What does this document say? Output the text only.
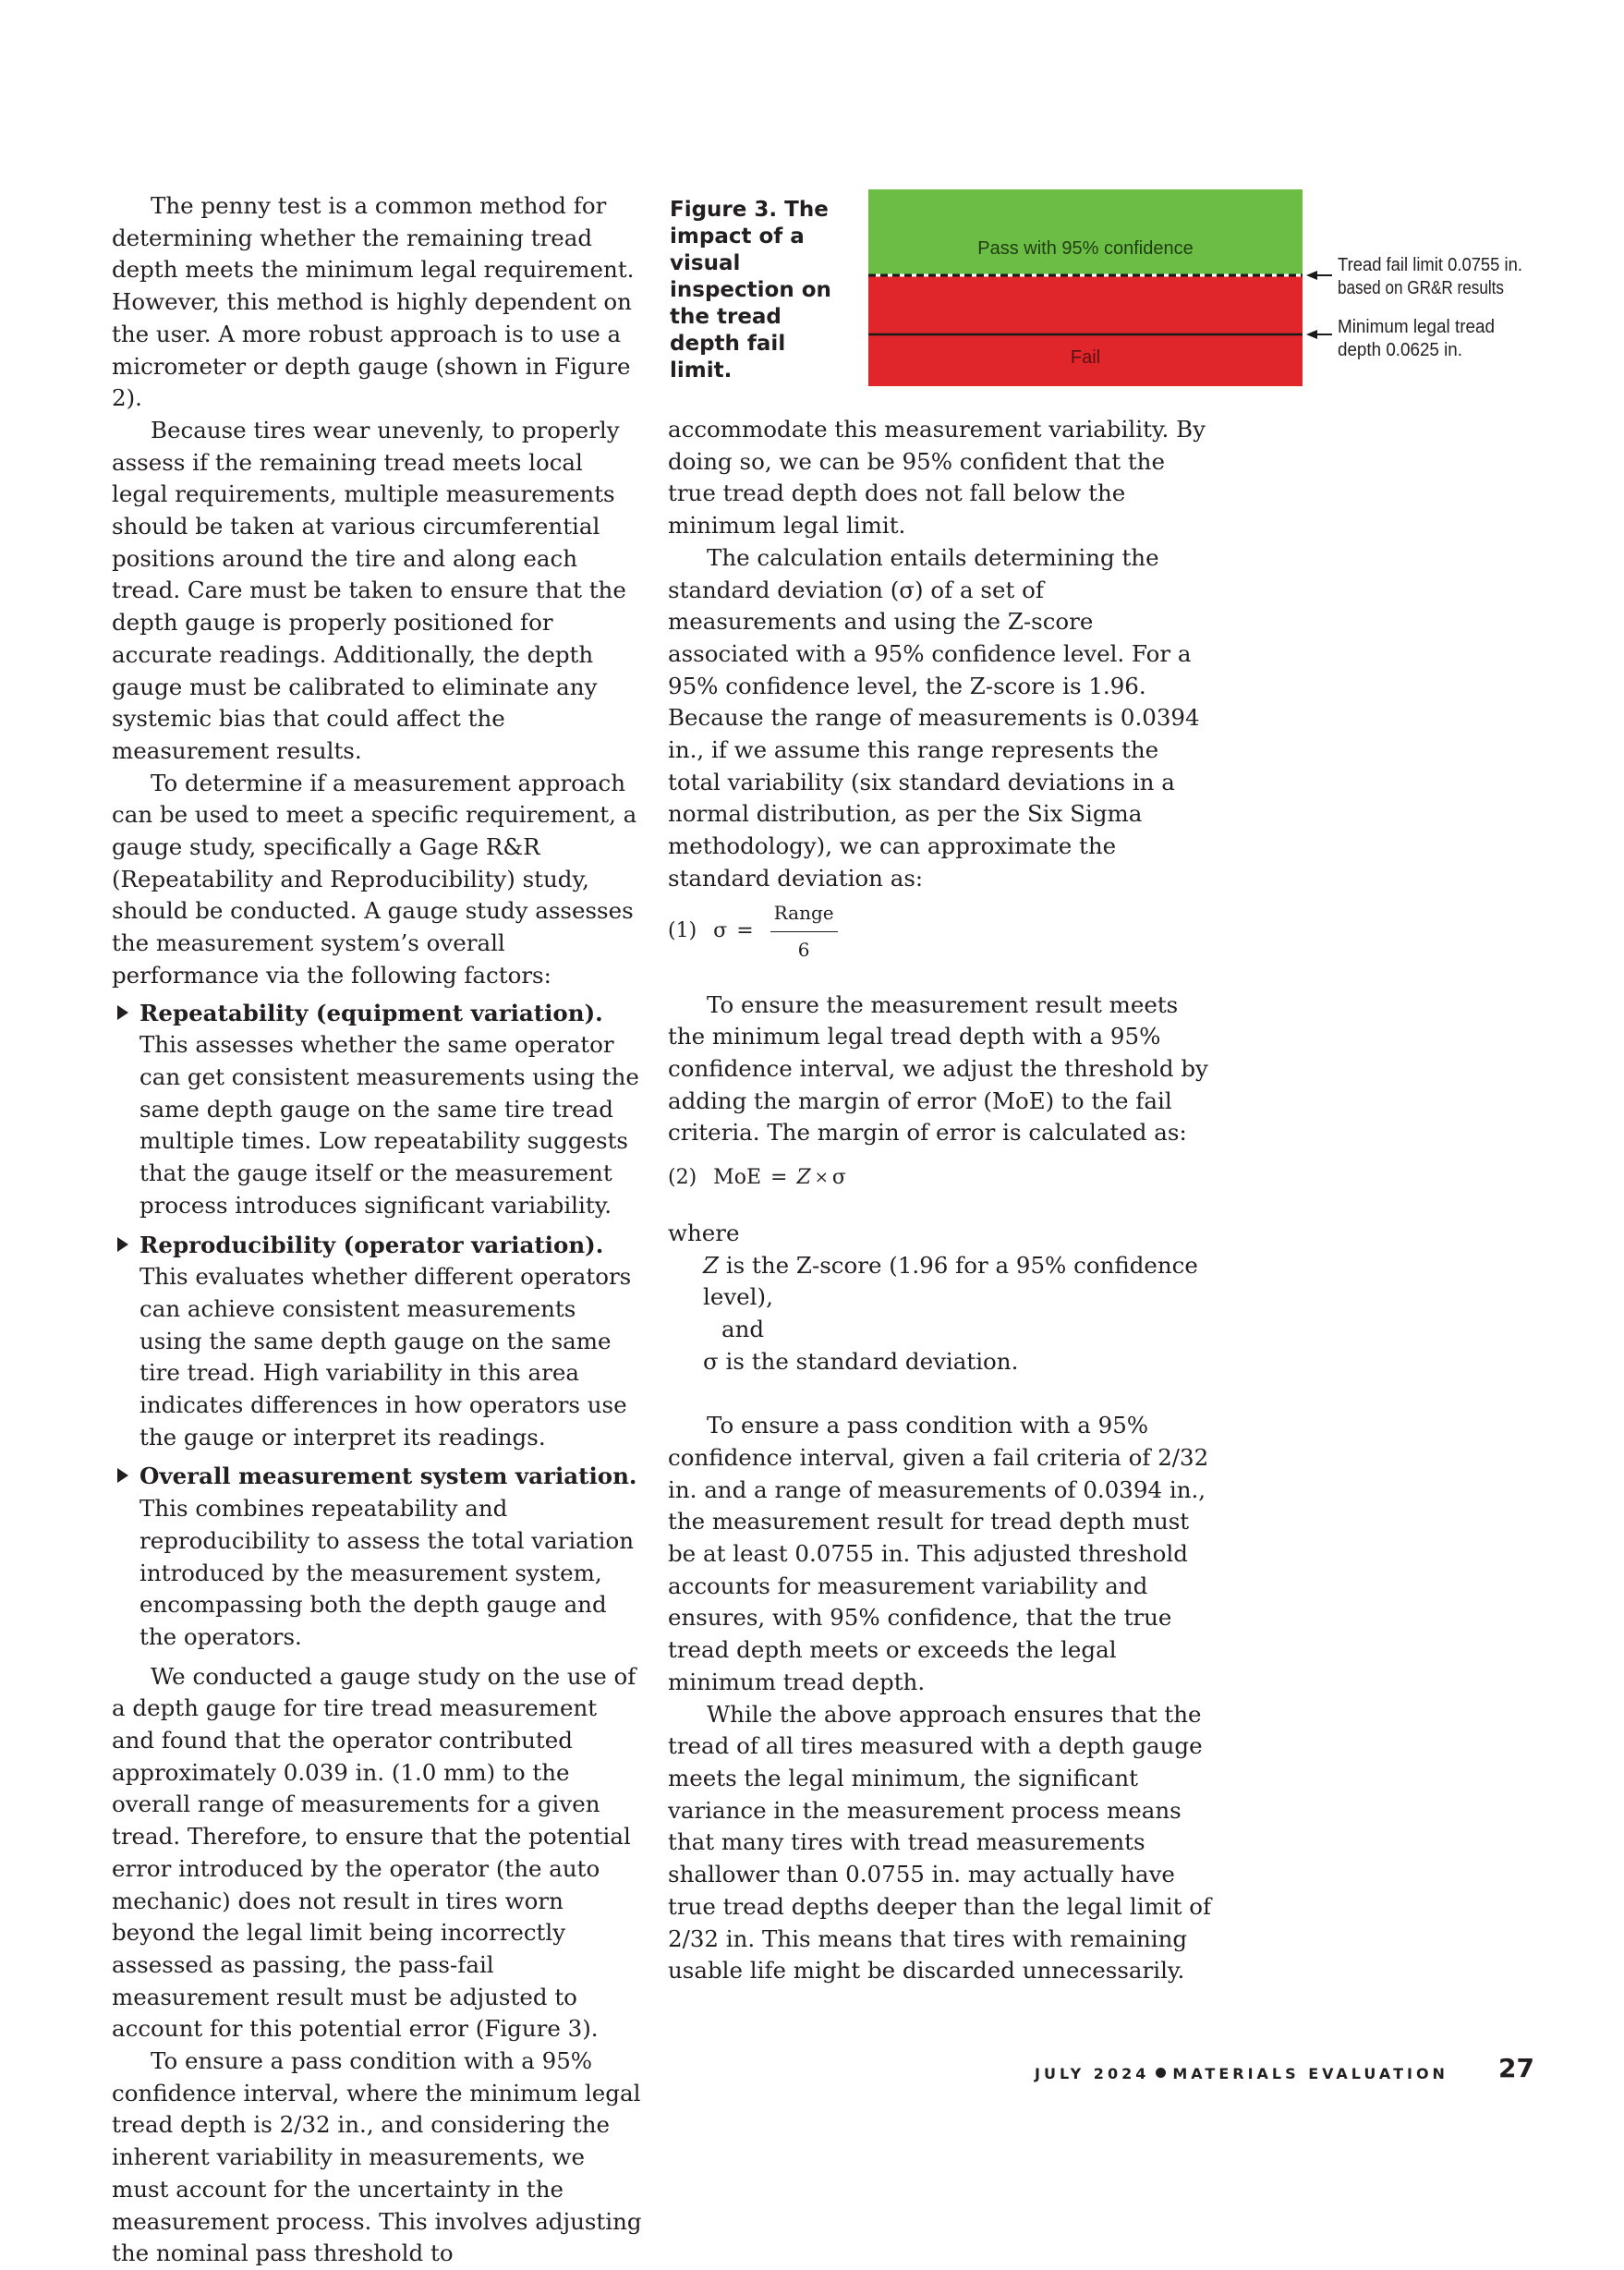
The penny test is a common method for determining whether the remaining tread depth meets the minimum legal requirement. However, this method is highly dependent on the user. A more robust approach is to use a micrometer or depth gauge (shown in Figure 2).

Because tires wear unevenly, to properly assess if the remaining tread meets local legal requirements, multiple measurements should be taken at various circumferential positions around the tire and along each tread. Care must be taken to ensure that the depth gauge is properly positioned for accurate readings. Additionally, the depth gauge must be calibrated to eliminate any systemic bias that could affect the measurement results.

To determine if a measurement approach can be used to meet a specific requirement, a gauge study, specifically a Gage R&R (Repeatability and Reproducibility) study, should be conducted. A gauge study assesses the measurement system’s overall performance via the following factors:

Repeatability (equipment variation). This assesses whether the same operator can get consistent measurements using the same depth gauge on the same tire tread multiple times. Low repeatability suggests that the gauge itself or the measurement process introduces significant variability.
Reproducibility (operator variation). This evaluates whether different operators can achieve consistent measurements using the same depth gauge on the same tire tread. High variability in this area indicates differences in how operators use the gauge or interpret its readings.
Overall measurement system variation. This combines repeatability and reproducibility to assess the total variation introduced by the measurement system, encompassing both the depth gauge and the operators.

We conducted a gauge study on the use of a depth gauge for tire tread measurement and found that the operator contributed approximately 0.039 in. (1.0 mm) to the overall range of measurements for a given tread. Therefore, to ensure that the potential error introduced by the operator (the auto mechanic) does not result in tires worn beyond the legal limit being incorrectly assessed as passing, the pass-fail measurement result must be adjusted to account for this potential error (Figure 3).

To ensure a pass condition with a 95% confidence interval, where the minimum legal tread depth is 2/32 in., and considering the inherent variability in measurements, we must account for the uncertainty in the measurement process. This involves adjusting the nominal pass threshold to

Figure 3. The impact of a visual inspection on the tread depth fail limit.
Pass with 95% confidence
Fail
Tread fail limit 0.0755 in.
based on GR&R results
Minimum legal tread
depth 0.0625 in.

accommodate this measurement variability. By doing so, we can be 95% confident that the true tread depth does not fall below the minimum legal limit.

The calculation entails determining the standard deviation (σ) of a set of measurements and using the Z-score associated with a 95% confidence level. For a 95% confidence level, the Z-score is 1.96. Because the range of measurements is 0.0394 in., if we assume this range represents the total variability (six standard deviations in a normal distribution, as per the Six Sigma methodology), we can approximate the standard deviation as:

(1) $\sigma = \frac{\text{Range}}{6}$

To ensure the measurement result meets the minimum legal tread depth with a 95% confidence interval, we adjust the threshold by adding the margin of error (MoE) to the fail criteria. The margin of error is calculated as:

(2) MoE = Z × σ

where

Z is the Z-score (1.96 for a 95% confidence level),

and

σ is the standard deviation.

To ensure a pass condition with a 95% confidence interval, given a fail criteria of 2/32 in. and a range of measurements of 0.0394 in., the measurement result for tread depth must be at least 0.0755 in. This adjusted threshold accounts for measurement variability and ensures, with 95% confidence, that the true tread depth meets or exceeds the legal minimum tread depth.

While the above approach ensures that the tread of all tires measured with a depth gauge meets the legal minimum, the significant variance in the measurement process means that many tires with tread measurements shallower than 0.0755 in. may actually have true tread depths deeper than the legal limit of 2/32 in. This means that tires with remaining usable life might be discarded unnecessarily.

JULY 2024 MATERIALS EVALUATION 27
